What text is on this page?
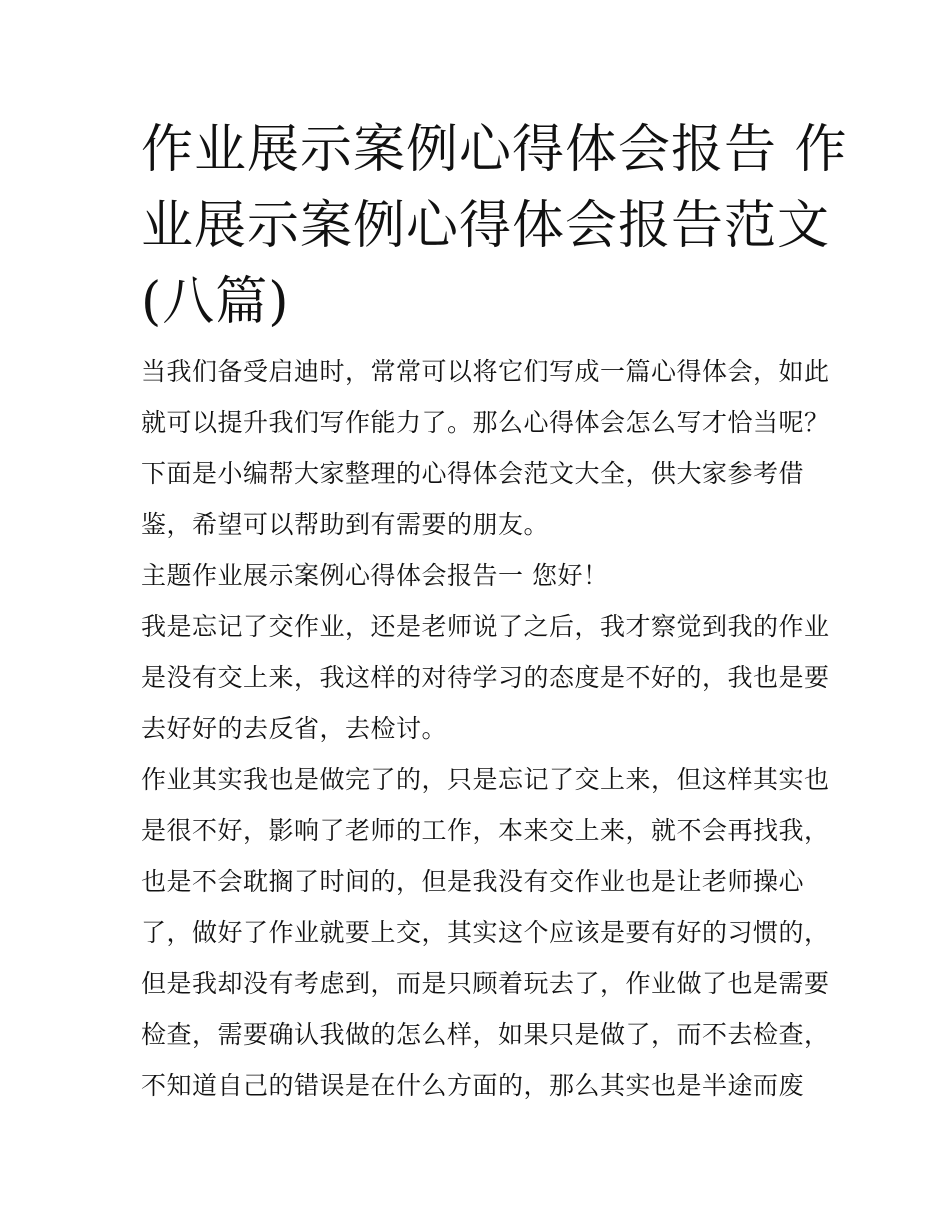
作业展示案例心得体会报告 作
业展示案例心得体会报告范文
(八篇)

当我们备受启迪时，常常可以将它们写成一篇心得体会，如此
就可以提升我们写作能力了。那么心得体会怎么写才恰当呢？
下面是小编帮大家整理的心得体会范文大全，供大家参考借
鉴，希望可以帮助到有需要的朋友。

主题作业展示案例心得体会报告一 您好！

我是忘记了交作业，还是老师说了之后，我才察觉到我的作业
是没有交上来，我这样的对待学习的态度是不好的，我也是要
去好好的去反省，去检讨。

作业其实我也是做完了的，只是忘记了交上来，但这样其实也
是很不好，影响了老师的工作，本来交上来，就不会再找我，
也是不会耽搁了时间的，但是我没有交作业也是让老师操心
了，做好了作业就要上交，其实这个应该是要有好的习惯的，
但是我却没有考虑到，而是只顾着玩去了，作业做了也是需要
检查，需要确认我做的怎么样，如果只是做了，而不去检查，
不知道自己的错误是在什么方面的，那么其实也是半途而废
